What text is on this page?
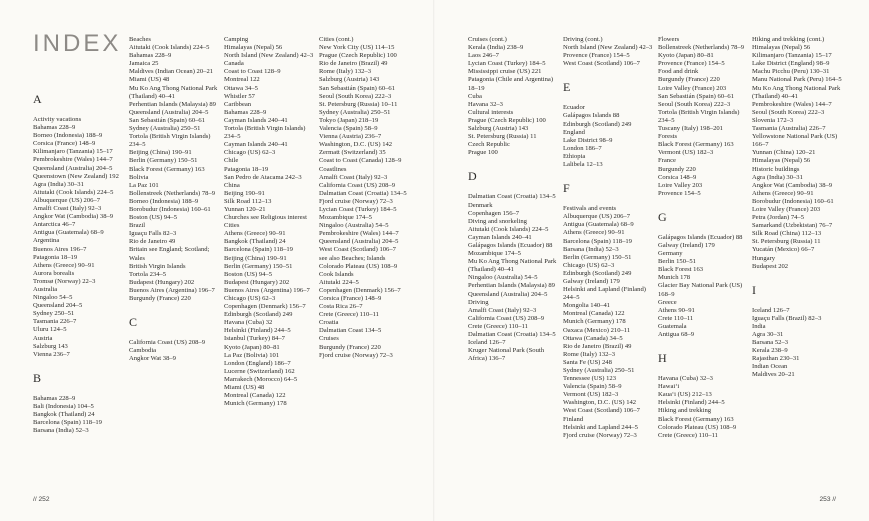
INDEX
A
Activity vacations
Bahamas 228–9
Borneo (Indonesia) 188–9
Corsica (France) 148–9
Kilimanjaro (Tanzania) 15–17
Pembrokeshire (Wales) 144–7
Queensland (Australia) 204–5
Queenstown (New Zealand) 192
Agra (India) 30–31
Aitutaki (Cook Islands) 224–5
Albuquerque (US) 206–7
Amalfi Coast (Italy) 92–3
Angkor Wat (Cambodia) 38–9
Antarctica 46–7
Antigua (Guatemala) 68–9
Argentina
Buenos Aires 196–7
Patagonia 18–19
Athens (Greece) 90–91
Aurora borealis
Tromsø (Norway) 22–3
Australia
Ningaloo 54–5
Queensland 204–5
Sydney 250–51
Tasmania 226–7
Uluru 124–5
Austria
Salzburg 143
Vienna 236–7
B
Bahamas 228–9
Bali (Indonesia) 104–5
Bangkok (Thailand) 24
Barcelona (Spain) 118–19
Barsana (India) 52–3
Beaches
Aitutaki (Cook Islands) 224–5
Bahamas 228–9
Jamaica 25
Maldives (Indian Ocean) 20–21
Miami (US) 48
Mu Ko Ang Thong National Park (Thailand) 40–41
Perhentian Islands (Malaysia) 89
Queensland (Australia) 204–5
San Sebastián (Spain) 60–61
Sydney (Australia) 250–51
Tortola (British Virgin Islands) 234–5
Beijing (China) 190–91
Berlin (Germany) 150–51
Black Forest (Germany) 163
Bolivia
La Paz 101
Bollenstreek (Netherlands) 78–9
Borneo (Indonesia) 188–9
Borobudur (Indonesia) 160–61
Boston (US) 94–5
Brazil
Iguaçu Falls 82–3
Rio de Janeiro 49
Britain see England; Scotland; Wales
British Virgin Islands
Tortola 234–5
Budapest (Hungary) 202
Buenos Aires (Argentina) 196–7
Burgundy (France) 220
C
California Coast (US) 208–9
Cambodia
Angkor Wat 38–9
Camping
Himalayas (Nepal) 56
North Island (New Zealand) 42–3
Canada
Coast to Coast 128–9
Montreal 122
Ottawa 34–5
Whistler 57
Caribbean
Bahamas 228–9
Cayman Islands 240–41
Tortola (British Virgin Islands) 234–5
Cayman Islands 240–41
Chicago (US) 62–3
Chile
Patagonia 18–19
San Pedro de Atacama 242–3
China
Beijing 190–91
Silk Road 112–13
Yunnan 120–21
Churches see Religious interest
Cities
Athens (Greece) 90–91
Bangkok (Thailand) 24
Barcelona (Spain) 118–19
Beijing (China) 190–91
Berlin (Germany) 150–51
Boston (US) 94–5
Budapest (Hungary) 202
Buenos Aires (Argentina) 196–7
Chicago (US) 62–3
Copenhagen (Denmark) 156–7
Edinburgh (Scotland) 249
Havana (Cuba) 32
Helsinki (Finland) 244–5
Istanbul (Turkey) 84–7
Kyoto (Japan) 80–81
La Paz (Bolivia) 101
London (England) 186–7
Lucerne (Switzerland) 162
Marrakech (Morocco) 64–5
Miami (US) 48
Montreal (Canada) 122
Munich (Germany) 178
Cities (cont.)
New York City (US) 114–15
Prague (Czech Republic) 100
Rio de Janeiro (Brazil) 49
Rome (Italy) 132–3
Salzburg (Austria) 143
San Sebastián (Spain) 60–61
Seoul (South Korea) 222–3
St. Petersburg (Russia) 10–11
Sydney (Australia) 250–51
Tokyo (Japan) 218–19
Valencia (Spain) 58–9
Vienna (Austria) 236–7
Washington, D.C. (US) 142
Zermatt (Switzerland) 35
Coast to Coast (Canada) 128–9
Coastlines
Amalfi Coast (Italy) 92–3
California Coast (US) 208–9
Dalmatian Coast (Croatia) 134–5
Fjord cruise (Norway) 72–3
Lycian Coast (Turkey) 184–5
Mozambique 174–5
Ningaloo (Australia) 54–5
Pembrokeshire (Wales) 144–7
Queensland (Australia) 204–5
West Coast (Scotland) 106–7
see also Beaches; Islands
Colorado Plateau (US) 108–9
Cook Islands
Aitutaki 224–5
Copenhagen (Denmark) 156–7
Corsica (France) 148–9
Costa Rica 26–7
Crete (Greece) 110–11
Croatia
Dalmatian Coast 134–5
Cruises
Burgundy (France) 220
Fjord cruise (Norway) 72–3
Cruises (cont.)
Kerala (India) 238–9
Laos 246–7
Lycian Coast (Turkey) 184–5
Mississippi cruise (US) 221
Patagonia (Chile and Argentina) 18–19
Cuba
Havana 32–3
Cultural interests
Prague (Czech Republic) 100
Salzburg (Austria) 143
St. Petersburg (Russia) 11
Czech Republic
Prague 100
D
Dalmatian Coast (Croatia) 134–5
Denmark
Copenhagen 156–7
Diving and snorkeling
Aitutaki (Cook Islands) 224–5
Cayman Islands 240–41
Galápagos Islands (Ecuador) 88
Mozambique 174–5
Mu Ko Ang Thong National Park (Thailand) 40–41
Ningaloo (Australia) 54–5
Perhentian Islands (Malaysia) 89
Queensland (Australia) 204–5
Driving
Amalfi Coast (Italy) 92–3
California Coast (US) 208–9
Crete (Greece) 110–11
Dalmatian Coast (Croatia) 134–5
Iceland 126–7
Kruger National Park (South Africa) 136–7
Driving (cont.)
North Island (New Zealand) 42–3
Provence (France) 154–5
West Coast (Scotland) 106–7
E
Ecuador
Galápagos Islands 88
Edinburgh (Scotland) 249
England
Lake District 98–9
London 186–7
Ethiopia
Lalibela 12–13
F
Festivals and events
Albuquerque (US) 206–7
Antigua (Guatemala) 68–9
Athens (Greece) 90–91
Barcelona (Spain) 118–19
Barsana (India) 52–3
Berlin (Germany) 150–51
Chicago (US) 62–3
Edinburgh (Scotland) 249
Galway (Ireland) 179
Helsinki and Lapland (Finland) 244–5
Mongolia 140–41
Montreal (Canada) 122
Munich (Germany) 178
Oaxaca (Mexico) 210–11
Ottawa (Canada) 34–5
Rio de Janeiro (Brazil) 49
Rome (Italy) 132–3
Santa Fe (US) 248
Sydney (Australia) 250–51
Tennessee (US) 123
Valencia (Spain) 58–9
Vermont (US) 182–3
Washington, D.C. (US) 142
West Coast (Scotland) 106–7
Finland
Helsinki and Lapland 244–5
Fjord cruise (Norway) 72–3
Flowers
Bollenstreek (Netherlands) 78–9
Kyoto (Japan) 80–81
Provence (France) 154–5
Food and drink
Burgundy (France) 220
Loire Valley (France) 203
San Sebastián (Spain) 60–61
Seoul (South Korea) 222–3
Tortola (British Virgin Islands) 234–5
Tuscany (Italy) 198–201
Forests
Black Forest (Germany) 163
Vermont (US) 182–3
France
Burgundy 220
Corsica 148–9
Loire Valley 203
Provence 154–5
G
Galápagos Islands (Ecuador) 88
Galway (Ireland) 179
Germany
Berlin 150–51
Black Forest 163
Munich 178
Glacier Bay National Park (US) 168–9
Greece
Athens 90–91
Crete 110–11
Guatemala
Antigua 68–9
H
Havana (Cuba) 32–3
Hawaiʻi
Kauaʻi (US) 212–13
Helsinki (Finland) 244–5
Hiking and trekking
Black Forest (Germany) 163
Colorado Plateau (US) 108–9
Crete (Greece) 110–11
Hiking and trekking (cont.)
Himalayas (Nepal) 56
Kilimanjaro (Tanzania) 15–17
Lake District (England) 98–9
Machu Picchu (Peru) 130–31
Manu National Park (Peru) 164–5
Mu Ko Ang Thong National Park (Thailand) 40–41
Pembrokeshire (Wales) 144–7
Seoul (South Korea) 222–3
Slovenia 172–3
Tasmania (Australia) 226–7
Yellowstone National Park (US) 166–7
Yunnan (China) 120–21
Himalayas (Nepal) 56
Historic buildings
Agra (India) 30–31
Angkor Wat (Cambodia) 38–9
Athens (Greece) 90–91
Borobudur (Indonesia) 160–61
Loire Valley (France) 203
Petra (Jordan) 74–5
Samarkand (Uzbekistan) 76–7
Silk Road (China) 112–13
St. Petersburg (Russia) 11
Yucatán (Mexico) 66–7
Hungary
Budapest 202
I
Iceland 126–7
Iguaçu Falls (Brazil) 82–3
India
Agra 30–31
Barsana 52–3
Kerala 238–9
Rajasthan 230–31
Indian Ocean
Maldives 20–21
// 252	253 //
